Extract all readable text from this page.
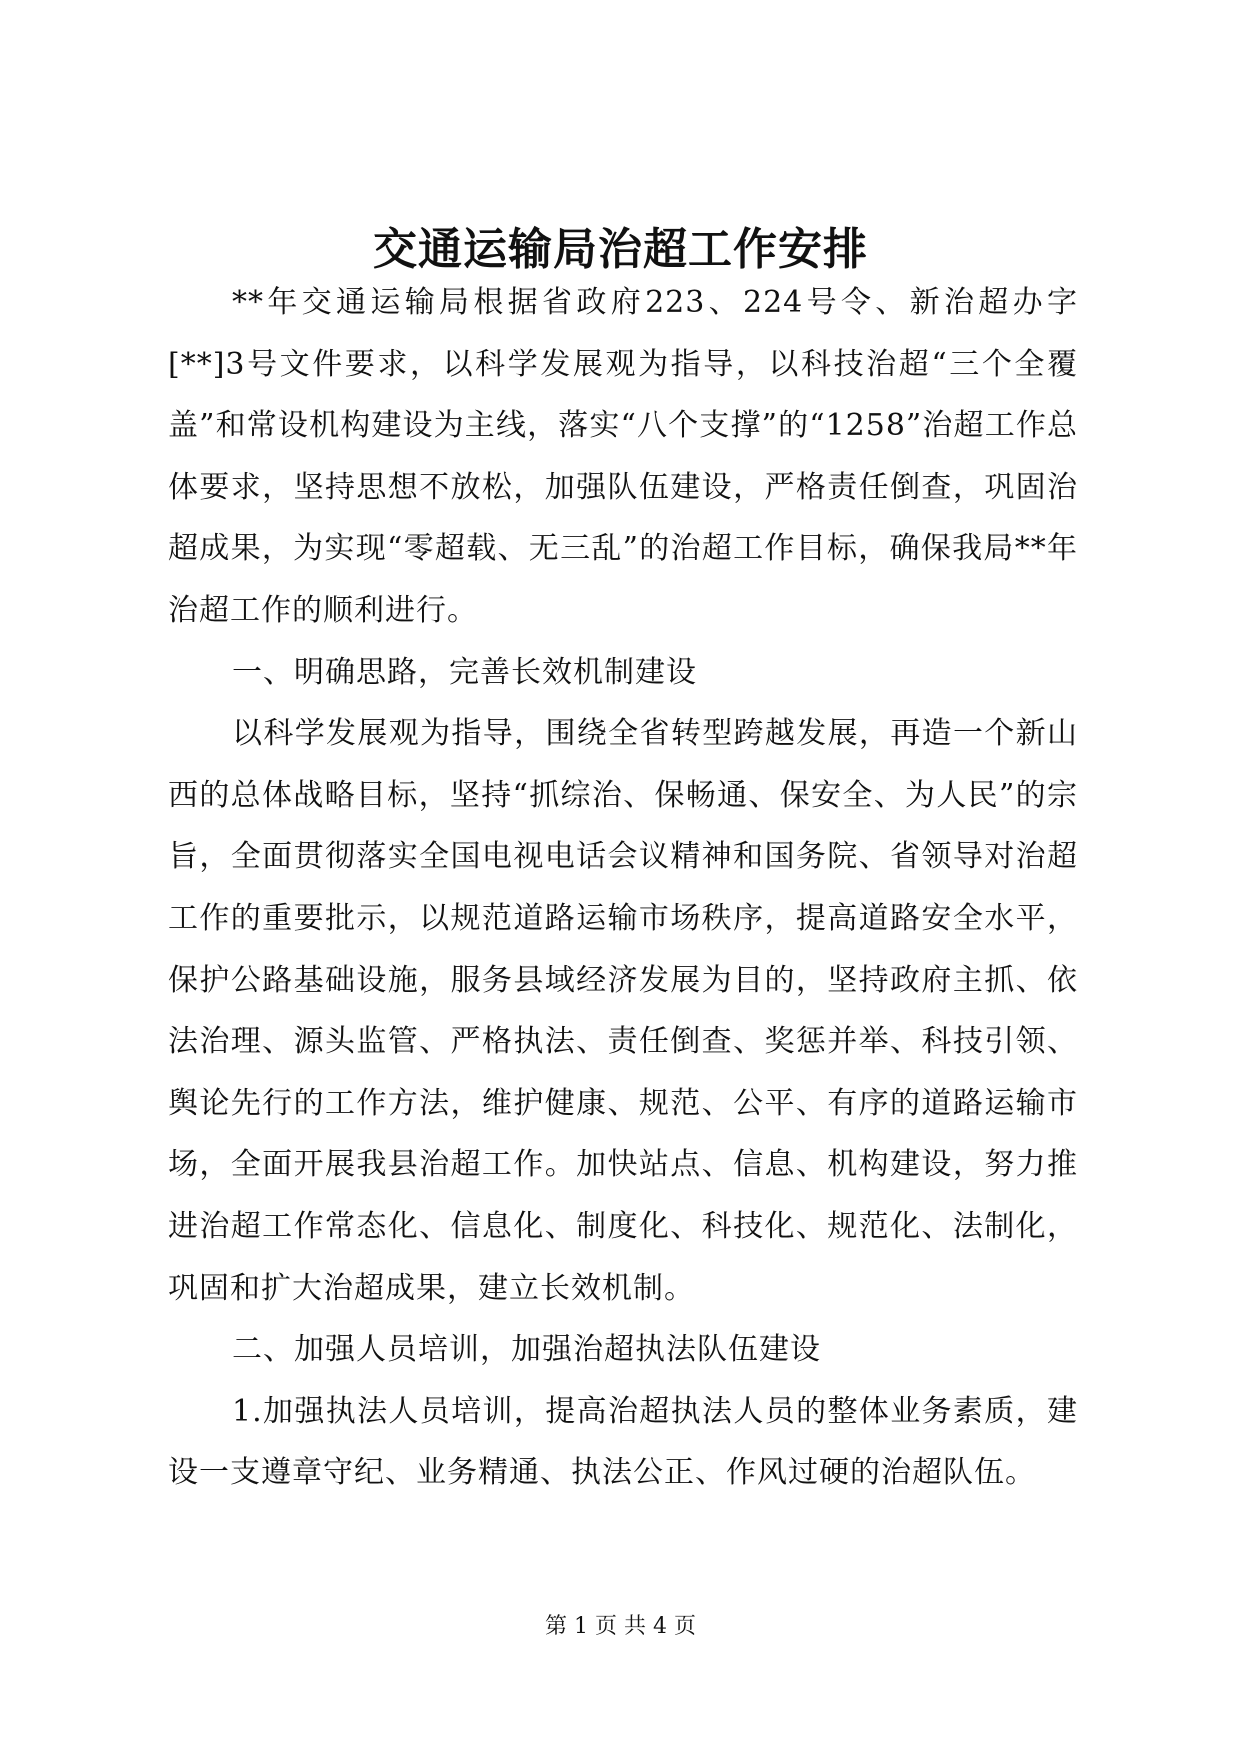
交通运输局治超工作安排

**年交通运输局根据省政府223、224号令、新治超办字[**]3号文件要求，以科学发展观为指导，以科技治超“三个全覆盖”和常设机构建设为主线，落实“八个支撑”的“1258”治超工作总体要求，坚持思想不放松，加强队伍建设，严格责任倒查，巩固治超成果，为实现“零超载、无三乱”的治超工作目标，确保我局**年治超工作的顺利进行。

一、明确思路，完善长效机制建设

以科学发展观为指导，围绕全省转型跨越发展，再造一个新山西的总体战略目标，坚持“抓综治、保畅通、保安全、为人民”的宗旨，全面贯彻落实全国电视电话会议精神和国务院、省领导对治超工作的重要批示，以规范道路运输市场秩序，提高道路安全水平，保护公路基础设施，服务县域经济发展为目的，坚持政府主抓、依法治理、源头监管、严格执法、责任倒查、奖惩并举、科技引领、舆论先行的工作方法，维护健康、规范、公平、有序的道路运输市场，全面开展我县治超工作。加快站点、信息、机构建设，努力推进治超工作常态化、信息化、制度化、科技化、规范化、法制化，巩固和扩大治超成果，建立长效机制。

二、加强人员培训，加强治超执法队伍建设

1.加强执法人员培训，提高治超执法人员的整体业务素质，建设一支遵章守纪、业务精通、执法公正、作风过硬的治超队伍。

第 1 页 共 4 页
